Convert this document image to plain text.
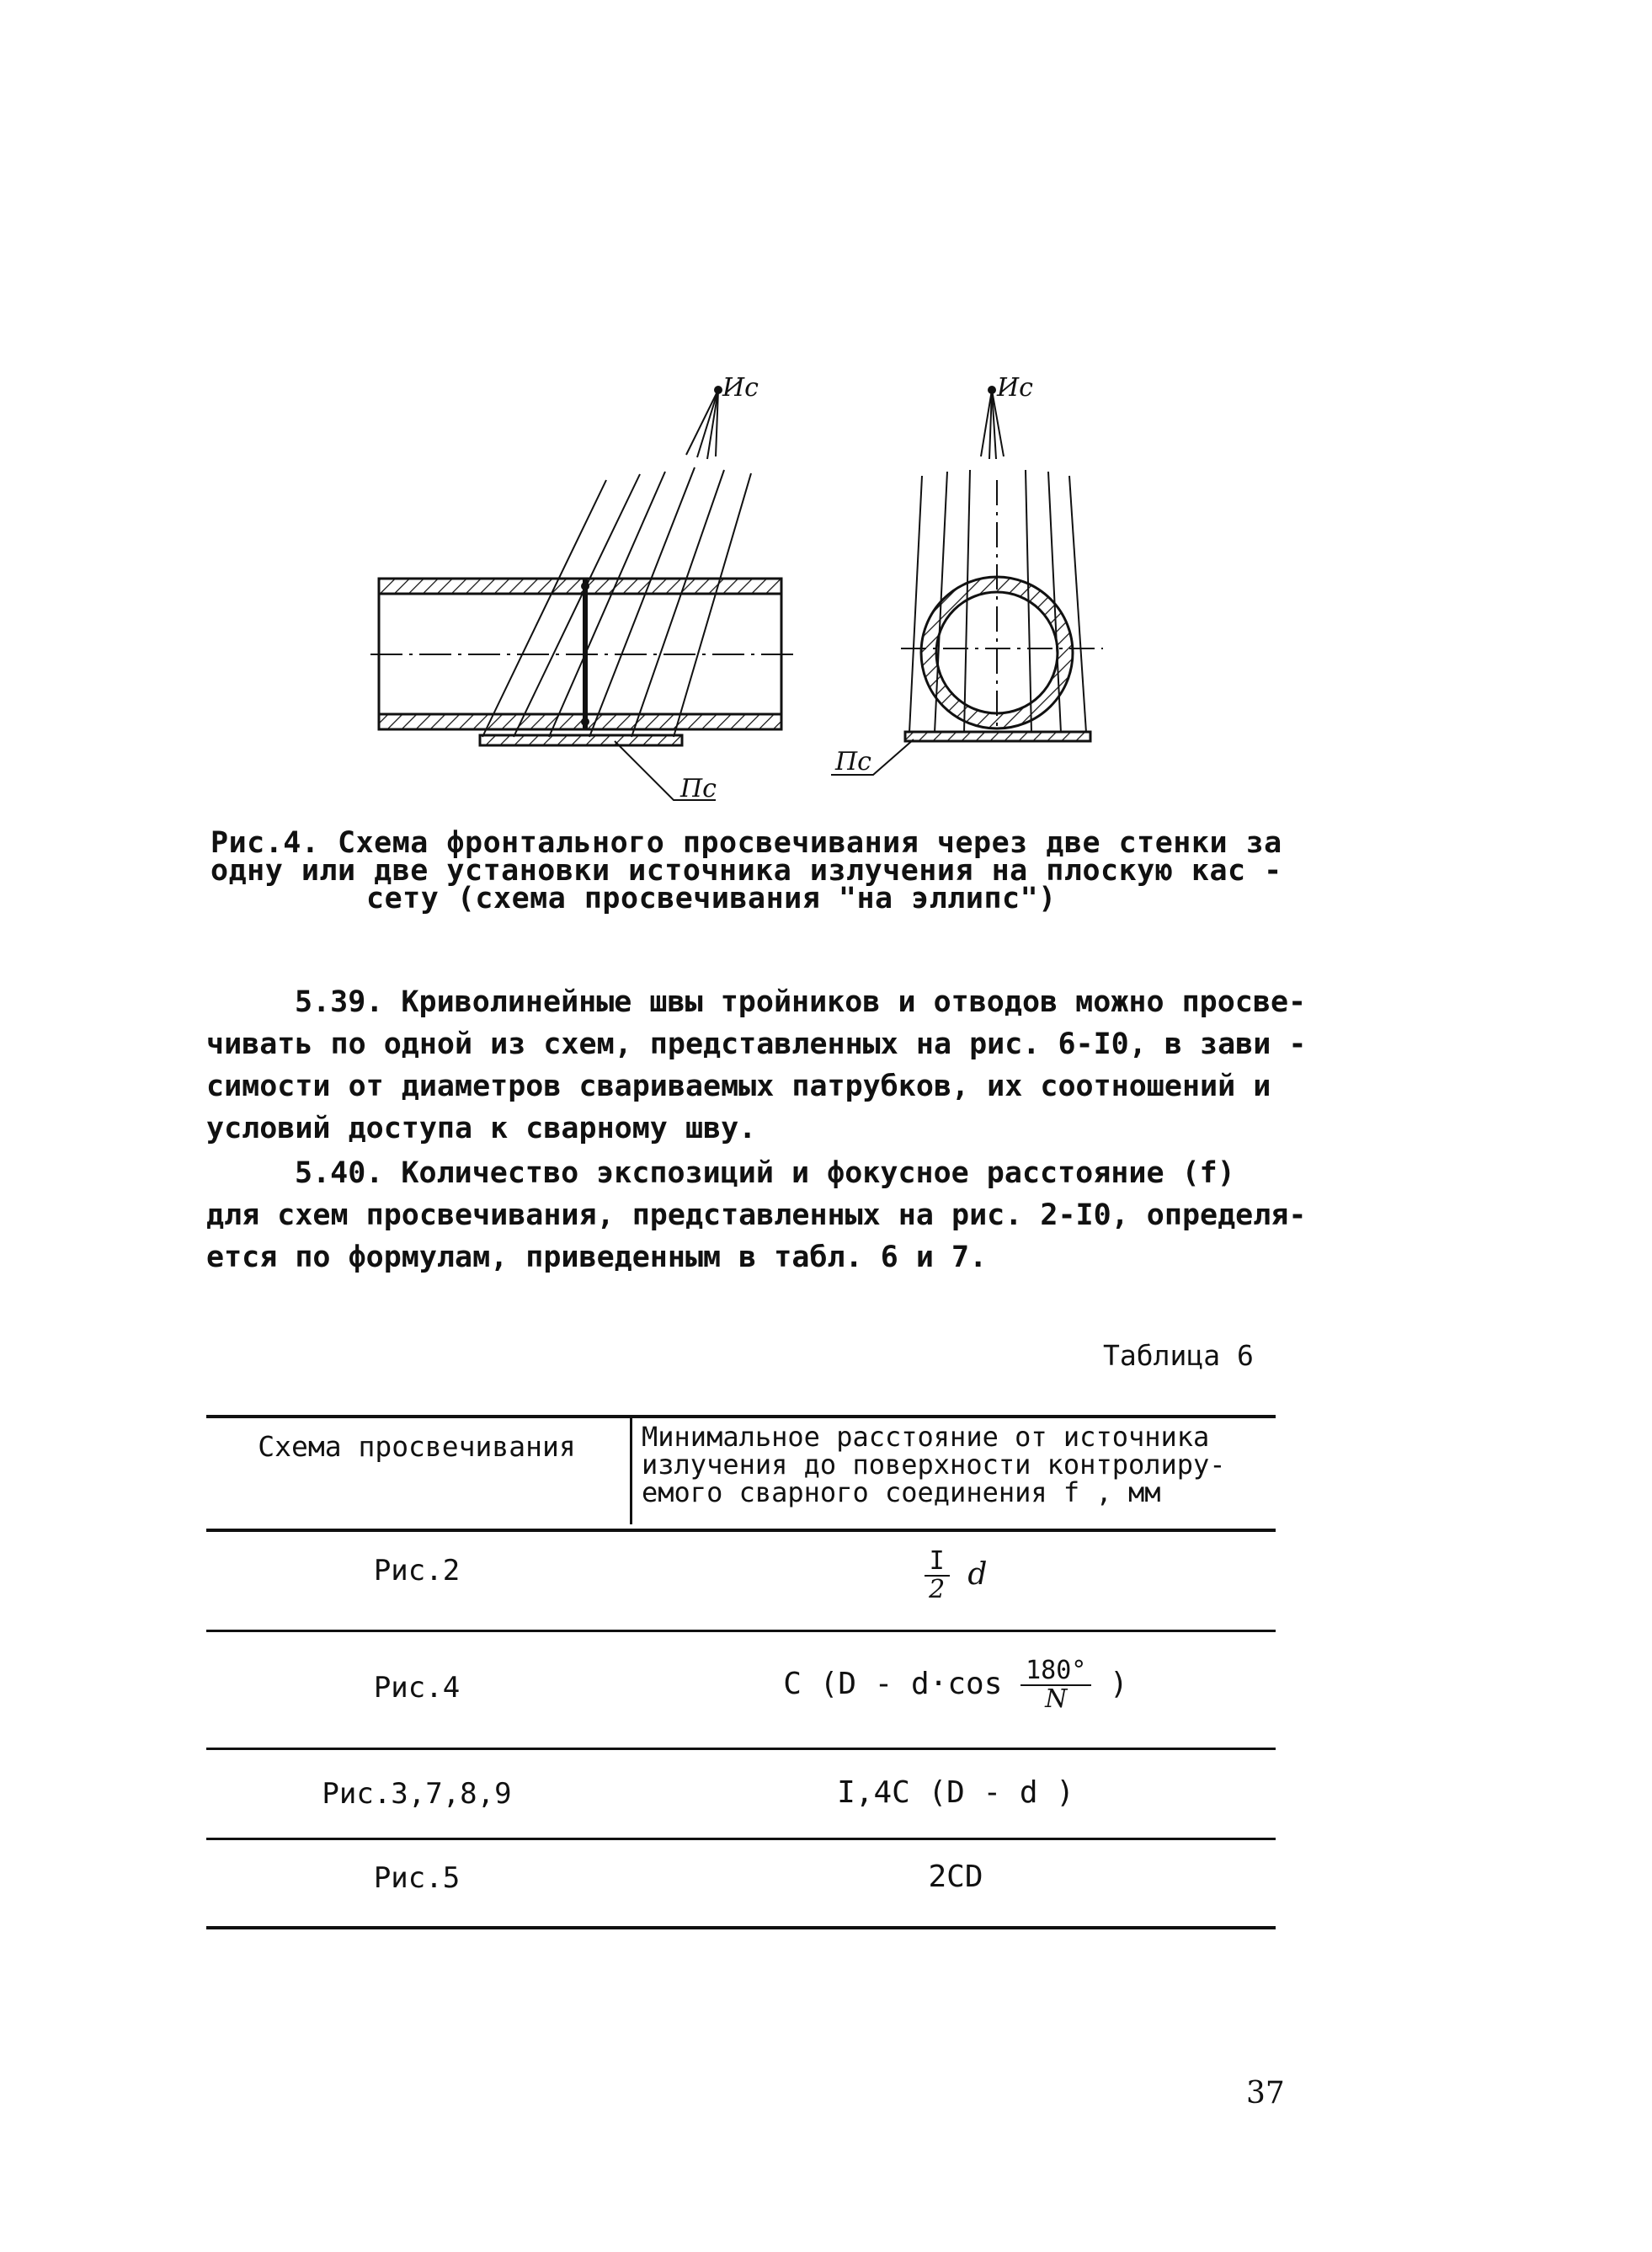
Ис
Пс
Ис
Пс
Рис.4. Схема фронтального просвечивания через две стенки за
одну или две установки источника излучения на плоскую кас -
сету (схема просвечивания "на эллипс")
5.39. Криволинейные швы тройников и отводов можно просве-
чивать по одной из схем, представленных на рис. 6-I0, в зави -
симости от диаметров свариваемых патрубков, их соотношений и
условий доступа к сварному шву.
5.40. Количество экспозиций и фокусное расстояние (f)
для схем просвечивания, представленных на рис. 2-I0, определя-
ется по формулам, приведенным в табл. 6 и 7.
Таблица 6
Схема просвечивания	Минимальное расстояние от источника
излучения до поверхности контролиру-
емого сварного соединения f , мм
Рис.2	$\frac{I}{2}$ d
Рис.4	С ($D - d\cdot\cos \frac{180^\circ}{N}$ )
Рис.3,7,8,9	I,4С (D - d )
Рис.5	2СD
37
